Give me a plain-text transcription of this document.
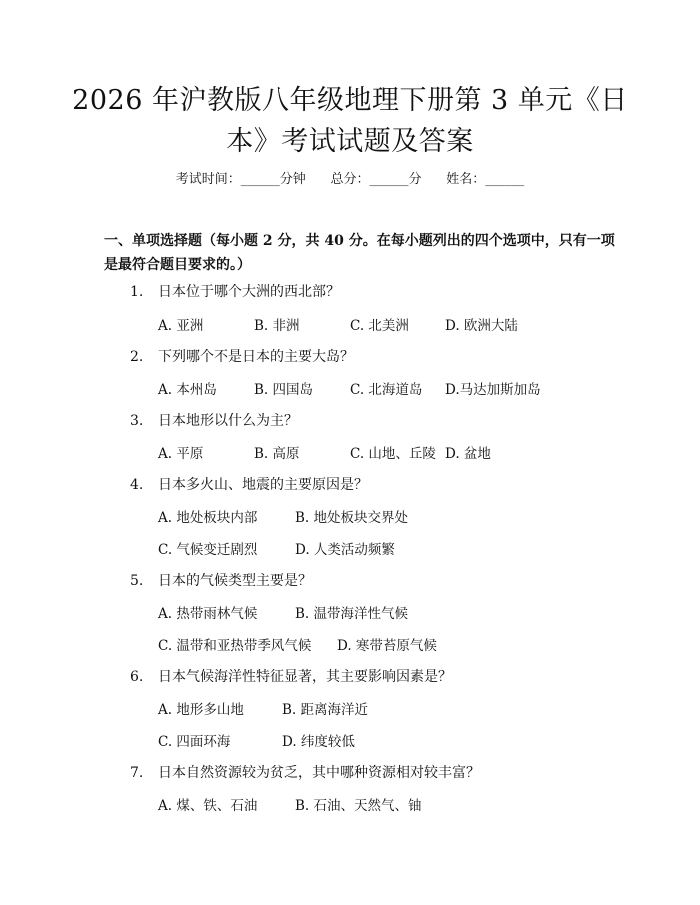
2026 年沪教版八年级地理下册第 3 单元《日
本》考试试题及答案
考试时间：______分钟      总分：______分      姓名：______
一、单项选择题（每小题 2 分，共 40 分。在每小题列出的四个选项中，只有一项是最符合题目要求的。）
1. 日本位于哪个大洲的西北部？
A. 亚洲	B. 非洲	C. 北美洲	D. 欧洲大陆
2. 下列哪个不是日本的主要大岛？
A. 本州岛	B. 四国岛	C. 北海道岛 D.马达加斯加岛
3. 日本地形以什么为主？
A. 平原	B. 高原	C. 山地、丘陵 D. 盆地
4. 日本多火山、地震的主要原因是？
A. 地处板块内部	B. 地处板块交界处
C. 气候变迁剧烈	D. 人类活动频繁
5. 日本的气候类型主要是？
A. 热带雨林气候	B. 温带海洋性气候
C. 温带和亚热带季风气候 D. 寒带苔原气候
6. 日本气候海洋性特征显著，其主要影响因素是？
A. 地形多山地	B. 距离海洋近
C. 四面环海	D. 纬度较低
7. 日本自然资源较为贫乏，其中哪种资源相对较丰富？
A. 煤、铁、石油	B. 石油、天然气、铀
